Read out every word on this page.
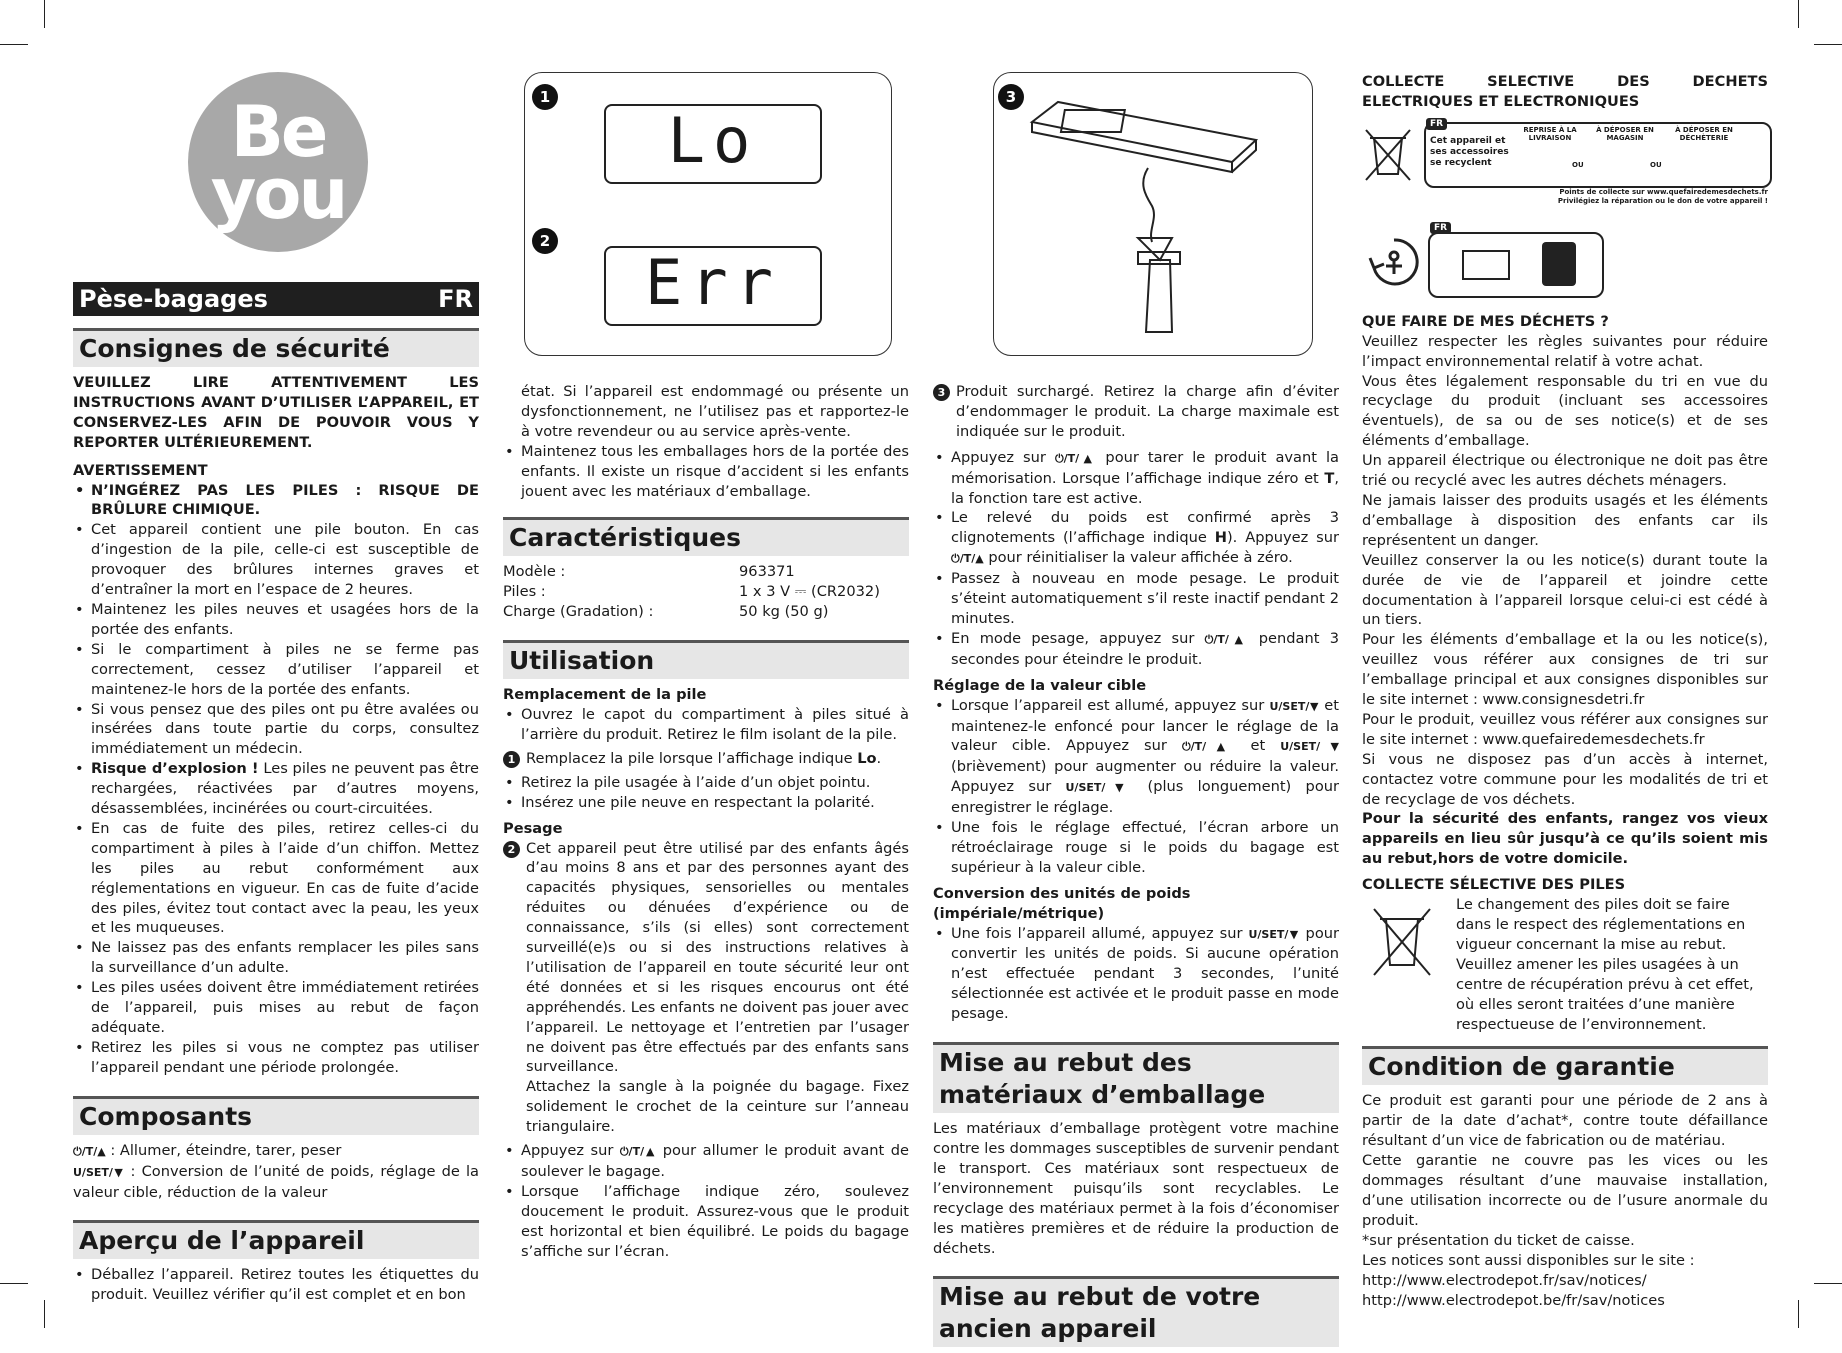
Be
you
Pèse-bagages	FR
Consignes de sécurité
VEUILLEZ LIRE ATTENTIVEMENT LES INSTRUCTIONS AVANT D’UTILISER L’APPAREIL, ET CONSERVEZ-LES AFIN DE POUVOIR VOUS Y REPORTER ULTÉRIEUREMENT.
AVERTISSEMENT
• N’INGÉREZ PAS LES PILES : RISQUE DE BRÛLURE CHIMIQUE.
• Cet appareil contient une pile bouton. En cas d’ingestion de la pile, celle-ci est susceptible de provoquer des brûlures internes graves et d’entraîner la mort en l’espace de 2 heures.
• Maintenez les piles neuves et usagées hors de la portée des enfants.
• Si le compartiment à piles ne se ferme pas correctement, cessez d’utiliser l’appareil et maintenez-le hors de la portée des enfants.
• Si vous pensez que des piles ont pu être avalées ou insérées dans toute partie du corps, consultez immédiatement un médecin.
• Risque d’explosion ! Les piles ne peuvent pas être rechargées, réactivées par d’autres moyens, désassemblées, incinérées ou court-circuitées.
• En cas de fuite des piles, retirez celles-ci du compartiment à piles à l’aide d’un chiffon. Mettez les piles au rebut conformément aux réglementations en vigueur. En cas de fuite d’acide des piles, évitez tout contact avec la peau, les yeux et les muqueuses.
• Ne laissez pas des enfants remplacer les piles sans la surveillance d’un adulte.
• Les piles usées doivent être immédiatement retirées de l’appareil, puis mises au rebut de façon adéquate.
• Retirez les piles si vous ne comptez pas utiliser l’appareil pendant une période prolongée.
Composants
⏻/T/▲ : Allumer, éteindre, tarer, peser
U/SET/▼ : Conversion de l’unité de poids, réglage de la valeur cible, réduction de la valeur
Aperçu de l’appareil
• Déballez l’appareil. Retirez toutes les étiquettes du produit. Veuillez vérifier qu’il est complet et en bon
1
Lo
2
Err
état. Si l’appareil est endommagé ou présente un dysfonctionnement, ne l’utilisez pas et rapportez-le à votre revendeur ou au service après-vente.
• Maintenez tous les emballages hors de la portée des enfants. Il existe un risque d’accident si les enfants jouent avec les matériaux d’emballage.
Caractéristiques
Modèle :	963371
Piles :	1 x 3 V ⎓ (CR2032)
Charge (Gradation) :	50 kg (50 g)
Utilisation
Remplacement de la pile
• Ouvrez le capot du compartiment à piles situé à l’arrière du produit. Retirez le film isolant de la pile.
1 Remplacez la pile lorsque l’affichage indique Lo.
• Retirez la pile usagée à l’aide d’un objet pointu.
• Insérez une pile neuve en respectant la polarité.
Pesage
2 Cet appareil peut être utilisé par des enfants âgés d’au moins 8 ans et par des personnes ayant des capacités physiques, sensorielles ou mentales réduites ou dénuées d’expérience ou de connaissance, s’ils (si elles) sont correctement surveillé(e)s ou si des instructions relatives à l’utilisation de l’appareil en toute sécurité leur ont été données et si les risques encourus ont été appréhendés. Les enfants ne doivent pas jouer avec l’appareil. Le nettoyage et l’entretien par l’usager ne doivent pas être effectués par des enfants sans surveillance.
Attachez la sangle à la poignée du bagage. Fixez solidement le crochet de la ceinture sur l’anneau triangulaire.
• Appuyez sur ⏻/T/▲ pour allumer le produit avant de soulever le bagage.
• Lorsque l’affichage indique zéro, soulevez doucement le produit. Assurez-vous que le produit est horizontal et bien équilibré. Le poids du bagage s’affiche sur l’écran.
3
3 Produit surchargé. Retirez la charge afin d’éviter d’endommager le produit. La charge maximale est indiquée sur le produit.
• Appuyez sur ⏻/T/▲ pour tarer le produit avant la mémorisation. Lorsque l’affichage indique zéro et T, la fonction tare est active.
• Le relevé du poids est confirmé après 3 clignotements (l’affichage indique H). Appuyez sur ⏻/T/▲ pour réinitialiser la valeur affichée à zéro.
• Passez à nouveau en mode pesage. Le produit s’éteint automatiquement s’il reste inactif pendant 2 minutes.
• En mode pesage, appuyez sur ⏻/T/▲ pendant 3 secondes pour éteindre le produit.
Réglage de la valeur cible
• Lorsque l’appareil est allumé, appuyez sur U/SET/▼ et maintenez-le enfoncé pour lancer le réglage de la valeur cible. Appuyez sur ⏻/T/▲ et U/SET/▼ (brièvement) pour augmenter ou réduire la valeur. Appuyez sur U/SET/▼ (plus longuement) pour enregistrer le réglage.
• Une fois le réglage effectué, l’écran arbore un rétroéclairage rouge si le poids du bagage est supérieur à la valeur cible.
Conversion des unités de poids (impériale/métrique)
• Une fois l’appareil allumé, appuyez sur U/SET/▼ pour convertir les unités de poids. Si aucune opération n’est effectuée pendant 3 secondes, l’unité sélectionnée est activée et le produit passe en mode pesage.
Mise au rebut des matériaux d’emballage
Les matériaux d’emballage protègent votre machine contre les dommages susceptibles de survenir pendant le transport. Ces matériaux sont respectueux de l’environnement puisqu’ils sont recyclables. Le recyclage des matériaux permet à la fois d’économiser les matières premières et de réduire la production de déchets.
Mise au rebut de votre ancien appareil
COLLECTE SELECTIVE DES DECHETS ELECTRIQUES ET ELECTRONIQUES
FR
Cet appareil et ses accessoires se recyclent
REPRISE À LA LIVRAISON
À DÉPOSER EN MAGASIN
À DÉPOSER EN DÉCHÈTERIE
OU	OU
Points de collecte sur www.quefairedemesdechets.fr
Privilégiez la réparation ou le don de votre appareil !
FR
QUE FAIRE DE MES DÉCHETS ?
Veuillez respecter les règles suivantes pour réduire l’impact environnemental relatif à votre achat.
Vous êtes légalement responsable du tri en vue du recyclage du produit (incluant ses accessoires éventuels), de sa ou de ses notice(s) et de ses éléments d’emballage.
Un appareil électrique ou électronique ne doit pas être trié ou recyclé avec les autres déchets ménagers.
Ne jamais laisser des produits usagés et les éléments d’emballage à disposition des enfants car ils représentent un danger.
Veuillez conserver la ou les notice(s) durant toute la durée de vie de l’appareil et joindre cette documentation à l’appareil lorsque celui-ci est cédé à un tiers.
Pour les éléments d’emballage et la ou les notice(s), veuillez vous référer aux consignes de tri sur l’emballage principal et aux consignes disponibles sur le site internet : www.consignesdetri.fr
Pour le produit, veuillez vous référer aux consignes sur le site internet : www.quefairedemesdechets.fr
Si vous ne disposez pas d’un accès à internet, contactez votre commune pour les modalités de tri et de recyclage de vos déchets.
Pour la sécurité des enfants, rangez vos vieux appareils en lieu sûr jusqu’à ce qu’ils soient mis au rebut,hors de votre domicile.
COLLECTE SÉLECTIVE DES PILES
Le changement des piles doit se faire dans le respect des réglementations en vigueur concernant la mise au rebut. Veuillez amener les piles usagées à un centre de récupération prévu à cet effet, où elles seront traitées d’une manière respectueuse de l’environnement.
Condition de garantie
Ce produit est garanti pour une période de 2 ans à partir de la date d’achat*, contre toute défaillance résultant d’un vice de fabrication ou de matériau.
Cette garantie ne couvre pas les vices ou les dommages résultant d’une mauvaise installation, d’une utilisation incorrecte ou de l’usure anormale du produit.
*sur présentation du ticket de caisse.
Les notices sont aussi disponibles sur le site :
http://www.electrodepot.fr/sav/notices/
http://www.electrodepot.be/fr/sav/notices
